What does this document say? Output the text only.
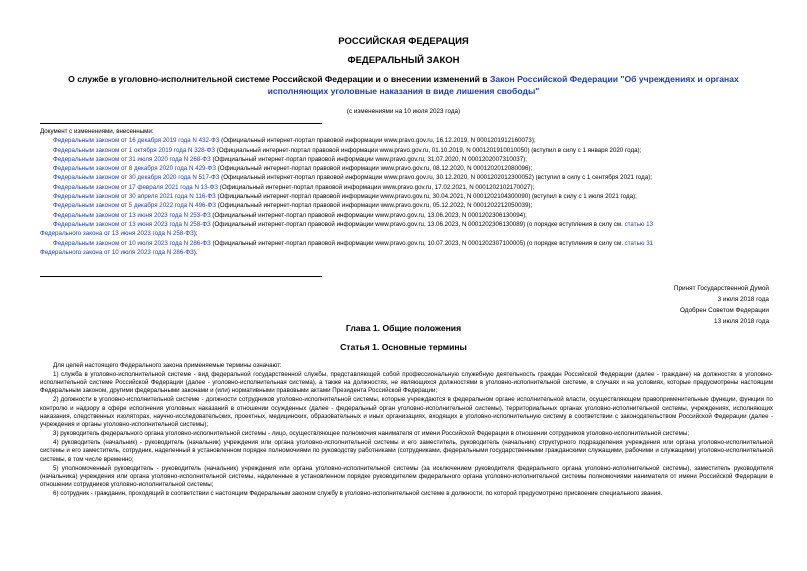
РОССИЙСКАЯ ФЕДЕРАЦИЯ
ФЕДЕРАЛЬНЫЙ ЗАКОН
О службе в уголовно-исполнительной системе Российской Федерации и о внесении изменений в Закон Российской Федерации "Об учреждениях и органах
исполняющих уголовные наказания в виде лишения свободы"
(с изменениями на 10 июля 2023 года)
Документ с изменениями, внесенными:
Федеральным законом от 16 декабря 2019 года N 432-ФЗ (Официальный интернет-портал правовой информации www.pravo.gov.ru, 16.12.2019, N 0001201912160073);
Федеральным законом от 1 октября 2019 года N 328-ФЗ (Официальный интернет-портал правовой информации www.pravo.gov.ru, 01.10.2019, N 0001201910010050) (вступил в силу с 1 января 2020 года);
Федеральным законом от 31 июля 2020 года N 268-ФЗ (Официальный интернет-портал правовой информации www.pravo.gov.ru, 31.07.2020, N 0001202007310037);
Федеральным законом от 8 декабря 2020 года N 429-ФЗ (Официальный интернет-портал правовой информации www.pravo.gov.ru, 08.12.2020, N 0001202012080096);
Федеральным законом от 30 декабря 2020 года N 517-ФЗ (Официальный интернет-портал правовой информации www.pravo.gov.ru, 30.12.2020, N 0001202012300052) (вступил в силу с 1 сентября 2021 года);
Федеральным законом от 17 февраля 2021 года N 13-ФЗ (Официальный интернет-портал правовой информации www.pravo.gov.ru, 17.02.2021, N 0001202102170027);
Федеральным законом от 30 апреля 2021 года N 116-ФЗ (Официальный интернет-портал правовой информации www.pravo.gov.ru, 30.04.2021, N 0001202104300090) (вступил в силу с 1 июля 2021 года);
Федеральным законом от 5 декабря 2022 года N 496-ФЗ (Официальный интернет-портал правовой информации www.pravo.gov.ru, 05.12.2022, N 0001202212050039);
Федеральным законом от 13 июня 2023 года N 253-ФЗ (Официальный интернет-портал правовой информации www.pravo.gov.ru, 13.06.2023, N 0001202306130094);
Федеральным законом от 13 июня 2023 года N 258-ФЗ (Официальный интернет-портал правовой информации www.pravo.gov.ru, 13.06.2023, N 0001202306130089) (о порядке вступления в силу см. статью 13
Федерального закона от 13 июня 2023 года N 258-ФЗ);
Федеральным законом от 10 июля 2023 года N 286-ФЗ (Официальный интернет-портал правовой информации www.pravo.gov.ru, 10.07.2023, N 0001202307100005) (о порядке вступления в силу см. статью 31
Федерального закона от 10 июля 2023 года N 286-ФЗ).
Принят Государственной Думой
3 июля 2018 года
Одобрен Советом Федерации
13 июля 2018 года
Глава 1. Общие положения
Статья 1. Основные термины

Для целей настоящего Федерального закона применяемые термины означают:

1) служба в уголовно-исполнительной системе - вид федеральной государственной службы, представляющей собой профессиональную служебную деятельность граждан Российской Федерации (далее - граждане) на должностях в уголовно-исполнительной системе Российской Федерации (далее - уголовно-исполнительная система), а также на должностях, не являющихся должностями в уголовно-исполнительной системе, в случаях и на условиях, которые предусмотрены настоящим Федеральным законом, другими федеральными законами и (или) нормативными правовыми актами Президента Российской Федерации;

2) должности в уголовно-исполнительной системе - должности сотрудников уголовно-исполнительной системы, которые учреждаются в федеральном органе исполнительной власти, осуществляющем правоприменительные функции, функции по контролю и надзору в сфере исполнения уголовных наказаний в отношении осужденных (далее - федеральный орган уголовно-исполнительной системы), территориальных органах уголовно-исполнительной системы, учреждениях, исполняющих наказания, следственных изоляторах, научно-исследовательских, проектных, медицинских, образовательных и иных организациях, входящих в уголовно-исполнительную систему в соответствии с законодательством Российской Федерации (далее - учреждения и органы уголовно-исполнительной системы);

3) руководитель федерального органа уголовно-исполнительной системы - лицо, осуществляющее полномочия нанимателя от имени Российской Федерации в отношении сотрудников уголовно-исполнительной системы;

4) руководитель (начальник) - руководитель (начальник) учреждения или органа уголовно-исполнительной системы и его заместитель, руководитель (начальник) структурного подразделения учреждения или органа уголовно-исполнительной системы и его заместитель, сотрудник, наделенный в установленном порядке полномочиями по руководству работниками (сотрудниками, федеральными государственными гражданскими служащими, рабочими и служащими) уголовно-исполнительной системы, в том числе временно;

5) уполномоченный руководитель - руководитель (начальник) учреждения или органа уголовно-исполнительной системы (за исключением руководителя федерального органа уголовно-исполнительной системы), заместитель руководителя (начальника) учреждения или органа уголовно-исполнительной системы, наделенные в установленном порядке руководителем федерального органа уголовно-исполнительной системы полномочиями нанимателя от имени Российской Федерации в отношении сотрудников уголовно-исполнительной системы;

6) сотрудник - гражданин, проходящий в соответствии с настоящим Федеральным законом службу в уголовно-исполнительной системе в должности, по которой предусмотрено присвоение специального звания.
